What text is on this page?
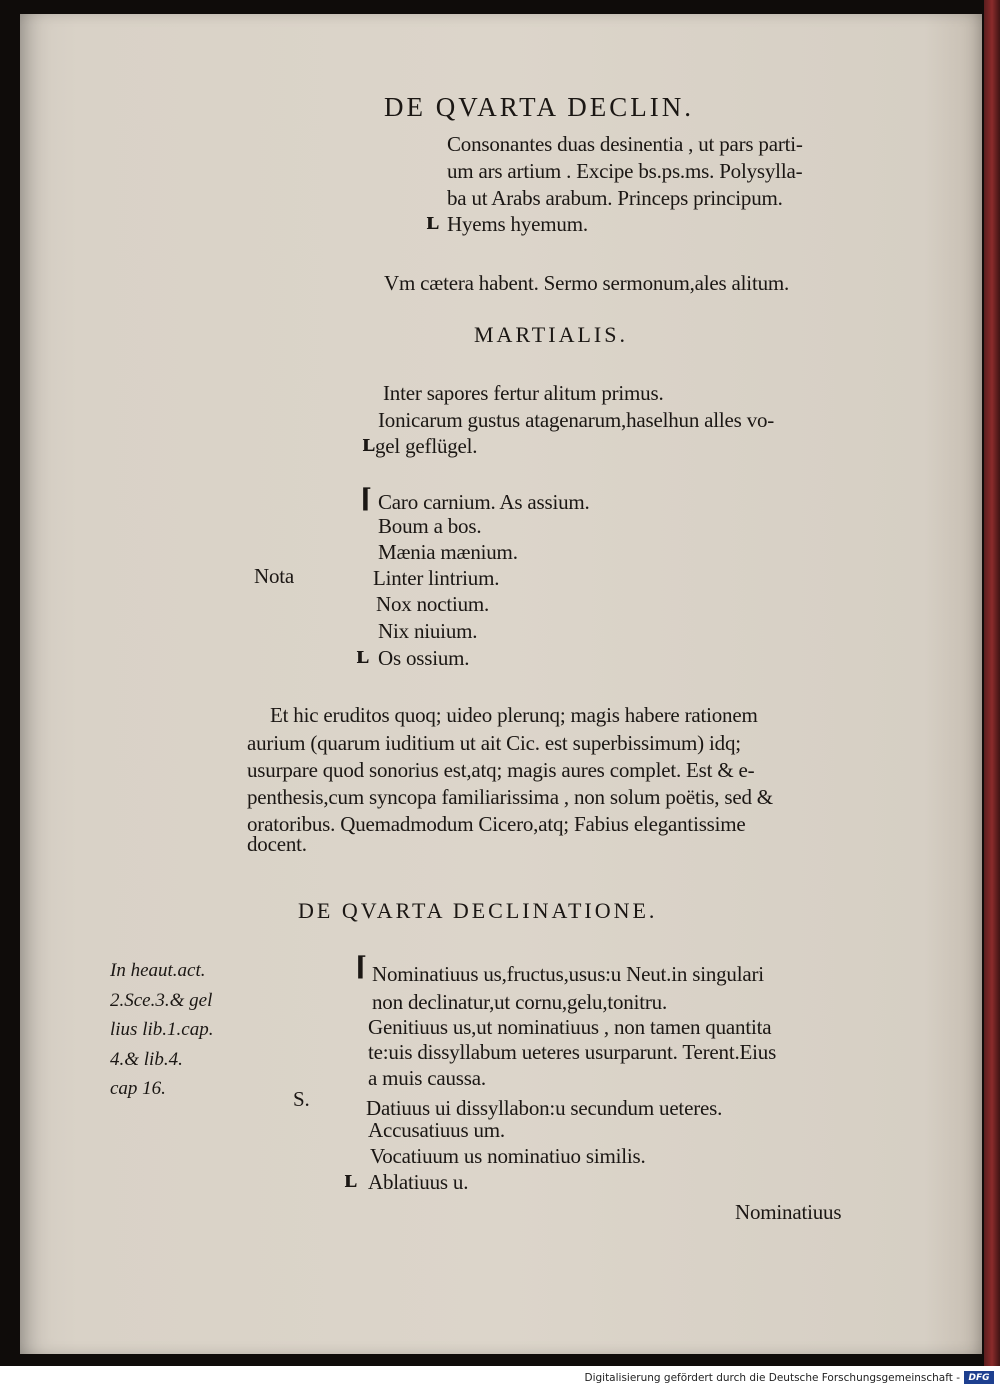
DE QVARTA DECLIN.
Consonantes duas desinentia , ut pars parti-
um ars artium . Excipe bs.ps.ms. Polysylla-
ba ut Arabs arabum. Princeps principum.
ʟ Hyems hyemum.
Vm cætera habent. Sermo sermonum,ales alitum.
MARTIALIS.
Inter sapores fertur alitum primus.
Ionicarum gustus atagenarum,haselhun alles vo-
ʟ gel geflügel.
⌈ Caro carnium. As assium.
Boum a bos.
Mænia mænium.
Nota	Linter lintrium.
Nox noctium.
Nix niuium.
ʟ Os ossium.
Et hic eruditos quoq; uideo plerunq; magis habere rationem
aurium (quarum iuditium ut ait Cic. est superbissimum) idq;
usurpare quod sonorius est,atq; magis aures complet. Est & e-
penthesis,cum syncopa familiarissima , non solum poëtis, sed &
oratoribus. Quemadmodum Cicero,atq; Fabius elegantissime
docent.
DE QVARTA DECLINATIONE.
In heaut.act.
2.Sce.3.& gel
lius lib.1.cap.
4.& lib.4.
cap 16.
⌈ Nominatiuus us,fructus,usus:u Neut.in singulari
non declinatur,ut cornu,gelu,tonitru.
Genitiuus us,ut nominatiuus , non tamen quantita
te:uis dissyllabum ueteres usurparunt. Terent.Eius
a muis caussa.
S.	Datiuus ui dissyllabon:u secundum ueteres.
Accusatiuus um.
Vocatiuum us nominatiuo similis.
ʟ Ablatiuus u.
Nominatiuus
Digitalisierung gefördert durch die Deutsche Forschungsgemeinschaft - DFG
